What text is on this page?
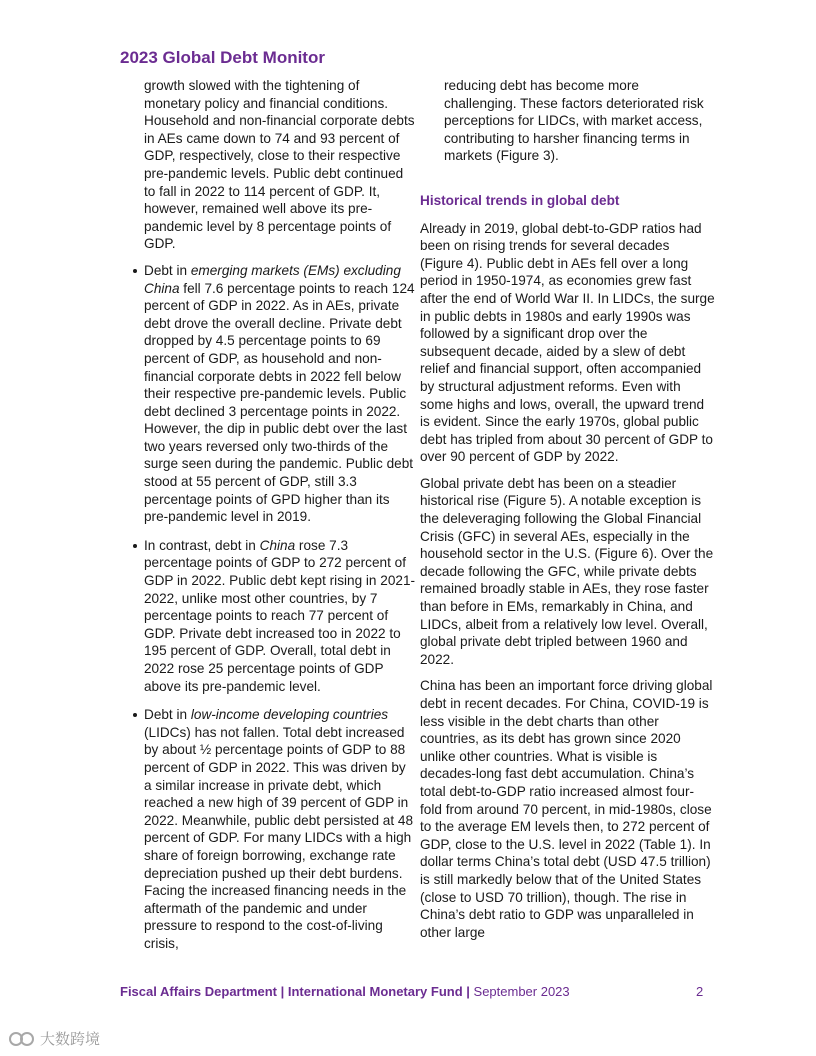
2023 Global Debt Monitor

growth slowed with the tightening of monetary policy and financial conditions. Household and non-financial corporate debts in AEs came down to 74 and 93 percent of GDP, respectively, close to their respective pre-pandemic levels. Public debt continued to fall in 2022 to 114 percent of GDP. It, however, remained well above its pre-pandemic level by 8 percentage points of GDP.

Debt in emerging markets (EMs) excluding China fell 7.6 percentage points to reach 124 percent of GDP in 2022. As in AEs, private debt drove the overall decline. Private debt dropped by 4.5 percentage points to 69 percent of GDP, as household and non-financial corporate debts in 2022 fell below their respective pre-pandemic levels. Public debt declined 3 percentage points in 2022. However, the dip in public debt over the last two years reversed only two-thirds of the surge seen during the pandemic. Public debt stood at 55 percent of GDP, still 3.3 percentage points of GPD higher than its pre-pandemic level in 2019.
In contrast, debt in China rose 7.3 percentage points of GDP to 272 percent of GDP in 2022. Public debt kept rising in 2021-2022, unlike most other countries, by 7 percentage points to reach 77 percent of GDP. Private debt increased too in 2022 to 195 percent of GDP. Overall, total debt in 2022 rose 25 percentage points of GDP above its pre-pandemic level.
Debt in low-income developing countries (LIDCs) has not fallen. Total debt increased by about ½ percentage points of GDP to 88 percent of GDP in 2022. This was driven by a similar increase in private debt, which reached a new high of 39 percent of GDP in 2022. Meanwhile, public debt persisted at 48 percent of GDP. For many LIDCs with a high share of foreign borrowing, exchange rate depreciation pushed up their debt burdens. Facing the increased financing needs in the aftermath of the pandemic and under pressure to respond to the cost-of-living crisis,

reducing debt has become more challenging. These factors deteriorated risk perceptions for LIDCs, with market access, contributing to harsher financing terms in markets (Figure 3).

Historical trends in global debt

Already in 2019, global debt-to-GDP ratios had been on rising trends for several decades (Figure 4). Public debt in AEs fell over a long period in 1950-1974, as economies grew fast after the end of World War II. In LIDCs, the surge in public debts in 1980s and early 1990s was followed by a significant drop over the subsequent decade, aided by a slew of debt relief and financial support, often accompanied by structural adjustment reforms. Even with some highs and lows, overall, the upward trend is evident. Since the early 1970s, global public debt has tripled from about 30 percent of GDP to over 90 percent of GDP by 2022.

Global private debt has been on a steadier historical rise (Figure 5). A notable exception is the deleveraging following the Global Financial Crisis (GFC) in several AEs, especially in the household sector in the U.S. (Figure 6). Over the decade following the GFC, while private debts remained broadly stable in AEs, they rose faster than before in EMs, remarkably in China, and LIDCs, albeit from a relatively low level. Overall, global private debt tripled between 1960 and 2022.

China has been an important force driving global debt in recent decades. For China, COVID-19 is less visible in the debt charts than other countries, as its debt has grown since 2020 unlike other countries. What is visible is decades-long fast debt accumulation. China’s total debt-to-GDP ratio increased almost four-fold from around 70 percent, in mid-1980s, close to the average EM levels then, to 272 percent of GDP, close to the U.S. level in 2022 (Table 1). In dollar terms China’s total debt (USD 47.5 trillion) is still markedly below that of the United States (close to USD 70 trillion), though. The rise in China’s debt ratio to GDP was unparalleled in other large

Fiscal Affairs Department | International Monetary Fund | September 2023	2
大数跨境
